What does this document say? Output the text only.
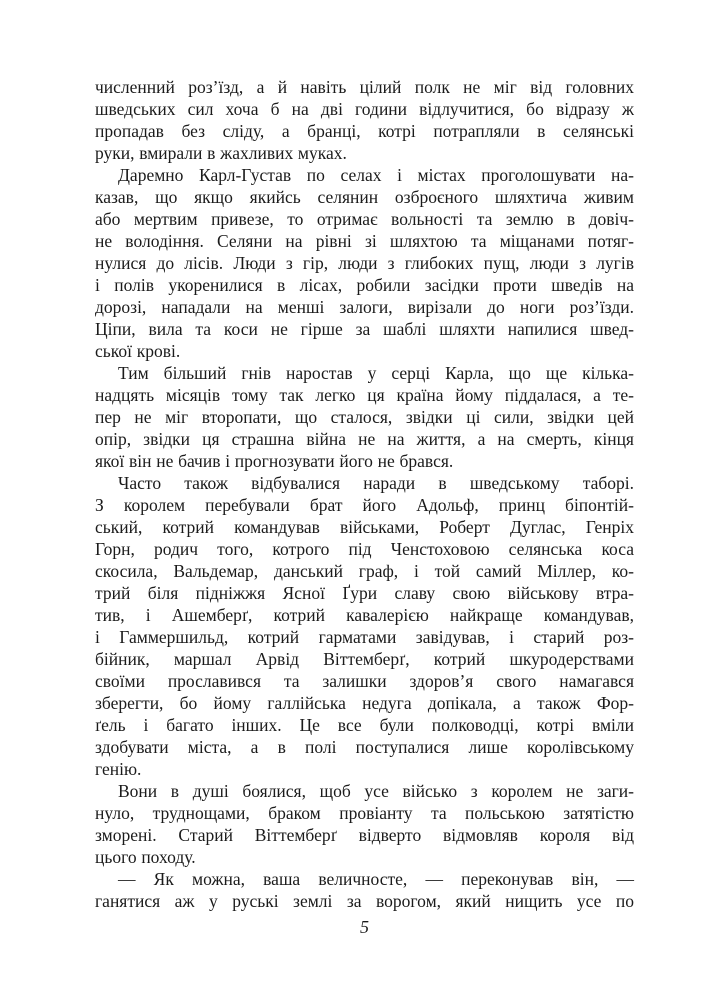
численний роз’їзд, а й навіть цілий полк не міг від головних
шведських сил хоча б на дві години відлучитися, бо відразу ж
пропадав без сліду, а бранці, котрі потрапляли в селянські
руки, вмирали в жахливих муках.
Даремно Карл-Густав по селах і містах проголошувати на-
казав, що якщо якийсь селянин озброєного шляхтича живим
або мертвим привезе, то отримає вольності та землю в довіч-
не володіння. Селяни на рівні зі шляхтою та міщанами потяг-
нулися до лісів. Люди з гір, люди з глибоких пущ, люди з лугів
і полів укоренилися в лісах, робили засідки проти шведів на
дорозі, нападали на менші залоги, вирізали до ноги роз’їзди.
Ціпи, вила та коси не гірше за шаблі шляхти напилися швед-
ської крові.
Тим більший гнів наростав у серці Карла, що ще кілька-
надцять місяців тому так легко ця країна йому піддалася, а те-
пер не міг второпати, що сталося, звідки ці сили, звідки цей
опір, звідки ця страшна війна не на життя, а на смерть, кінця
якої він не бачив і прогнозувати його не брався.
Часто також відбувалися наради в шведському таборі.
З королем перебували брат його Адольф, принц біпонтій-
ський, котрий командував військами, Роберт Дуглас, Генріх
Горн, родич того, котрого під Ченстоховою селянська коса
скосила, Вальдемар, данський граф, і той самий Міллер, ко-
трий біля підніжжя Ясної Ґури славу свою військову втра-
тив, і Ашемберґ, котрий кавалерією найкраще командував,
і Гаммершильд, котрий гарматами завідував, і старий роз-
бійник, маршал Арвід Віттемберґ, котрий шкуродерствами
своїми прославився та залишки здоров’я свого намагався
зберегти, бо йому галлійська недуга допікала, а також Фор-
ґель і багато інших. Це все були полководці, котрі вміли
здобувати міста, а в полі поступалися лише королівському
генію.
Вони в душі боялися, щоб усе військо з королем не заги-
нуло, труднощами, браком провіанту та польською затятістю
зморені. Старий Віттемберґ відверто відмовляв короля від
цього походу.
— Як можна, ваша величносте, — переконував він, —
ганятися аж у руські землі за ворогом, який нищить усе по
5
